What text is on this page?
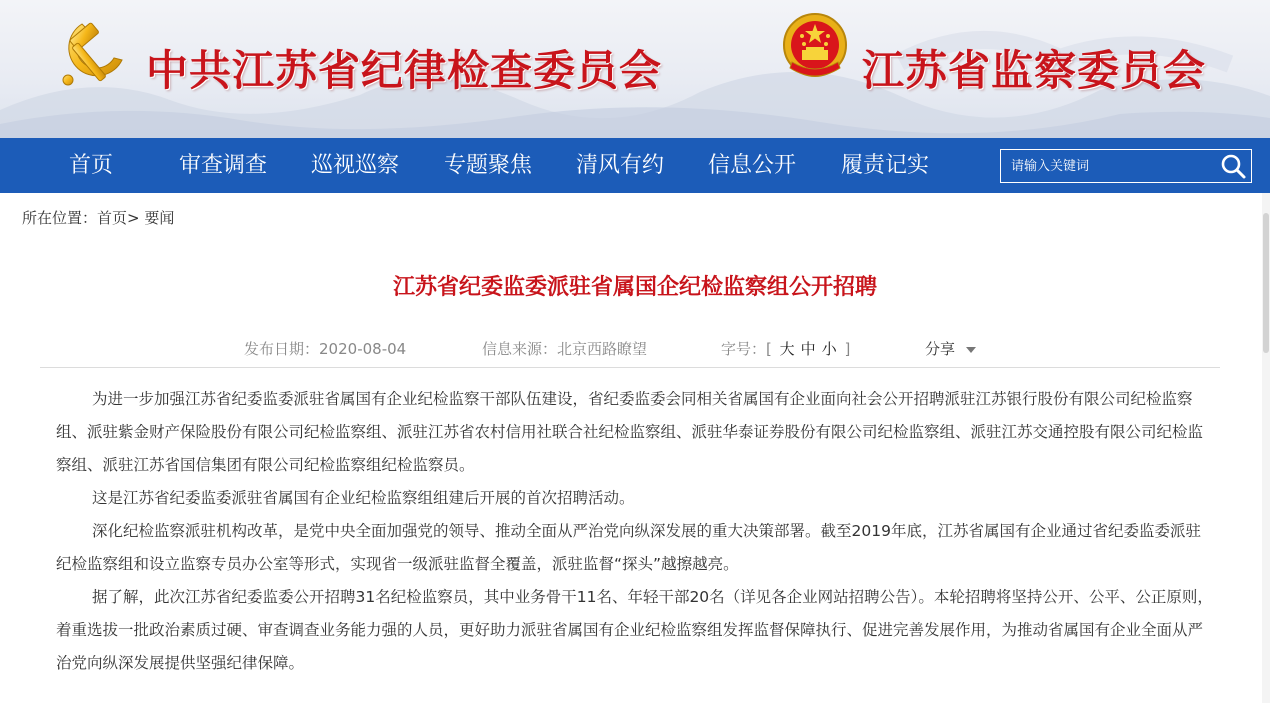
中共江苏省纪律检查委员会	江苏省监察委员会
首页	审查调查 巡视巡察 专题聚焦 清风有约 信息公开 履责记实
请输入关键词
所在位置：首页> 要闻
江苏省纪委监委派驻省属国企纪检监察组公开招聘
发布日期：2020-08-04	信息来源：北京西路瞭望	字号：[ 大 中 小 ]	分享

为进一步加强江苏省纪委监委派驻省属国有企业纪检监察干部队伍建设，省纪委监委会同相关省属国有企业面向社会公开招聘派驻江苏银行股份有限公司纪检监察组、派驻紫金财产保险股份有限公司纪检监察组、派驻江苏省农村信用社联合社纪检监察组、派驻华泰证券股份有限公司纪检监察组、派驻江苏交通控股有限公司纪检监察组、派驻江苏省国信集团有限公司纪检监察组纪检监察员。

这是江苏省纪委监委派驻省属国有企业纪检监察组组建后开展的首次招聘活动。

深化纪检监察派驻机构改革，是党中央全面加强党的领导、推动全面从严治党向纵深发展的重大决策部署。截至2019年底，江苏省属国有企业通过省纪委监委派驻纪检监察组和设立监察专员办公室等形式，实现省一级派驻监督全覆盖，派驻监督“探头”越擦越亮。

据了解，此次江苏省纪委监委公开招聘31名纪检监察员，其中业务骨干11名、年轻干部20名（详见各企业网站招聘公告）。本轮招聘将坚持公开、公平、公正原则，着重选拔一批政治素质过硬、审查调查业务能力强的人员，更好助力派驻省属国有企业纪检监察组发挥监督保障执行、促进完善发展作用，为推动省属国有企业全面从严治党向纵深发展提供坚强纪律保障。
